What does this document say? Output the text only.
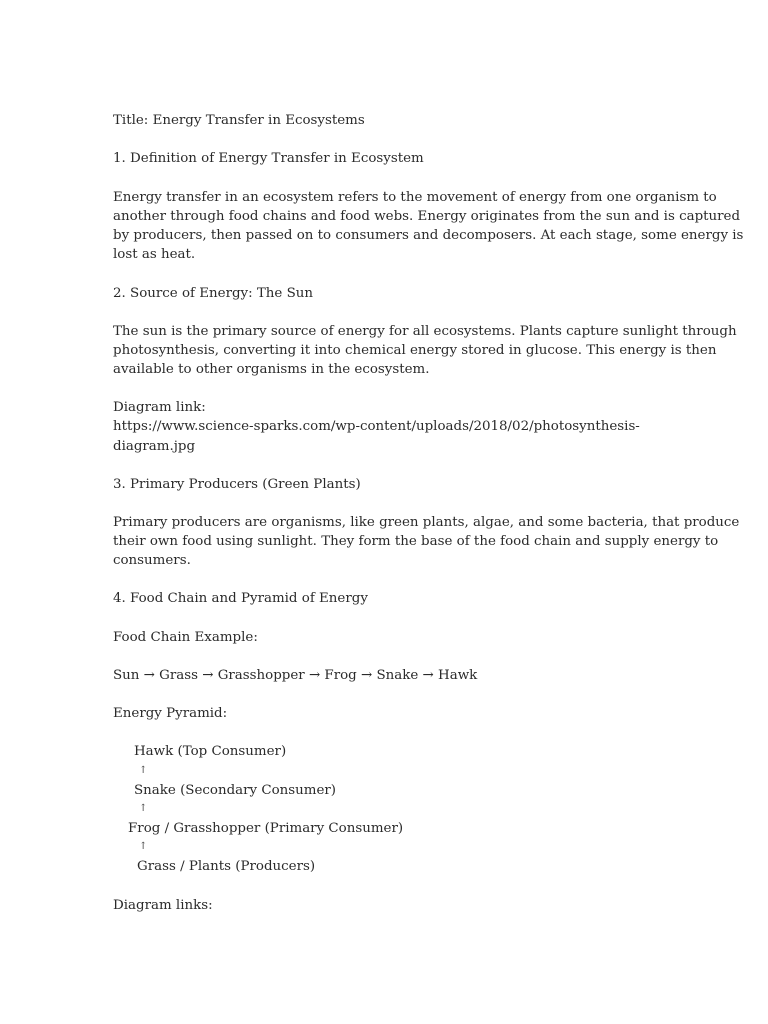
Title: Energy Transfer in Ecosystems
1. Definition of Energy Transfer in Ecosystem
Energy transfer in an ecosystem refers to the movement of energy from one organism to
another through food chains and food webs. Energy originates from the sun and is captured
by producers, then passed on to consumers and decomposers. At each stage, some energy is
lost as heat.
2. Source of Energy: The Sun
The sun is the primary source of energy for all ecosystems. Plants capture sunlight through
photosynthesis, converting it into chemical energy stored in glucose. This energy is then
available to other organisms in the ecosystem.
Diagram link:
https://www.science-sparks.com/wp-content/uploads/2018/02/photosynthesis-
diagram.jpg
3. Primary Producers (Green Plants)
Primary producers are organisms, like green plants, algae, and some bacteria, that produce
their own food using sunlight. They form the base of the food chain and supply energy to
consumers.
4. Food Chain and Pyramid of Energy
Food Chain Example:
Sun → Grass → Grasshopper → Frog → Snake → Hawk
Energy Pyramid:
Hawk (Top Consumer)
↑
Snake (Secondary Consumer)
↑
Frog / Grasshopper (Primary Consumer)
↑
Grass / Plants (Producers)
Diagram links:
